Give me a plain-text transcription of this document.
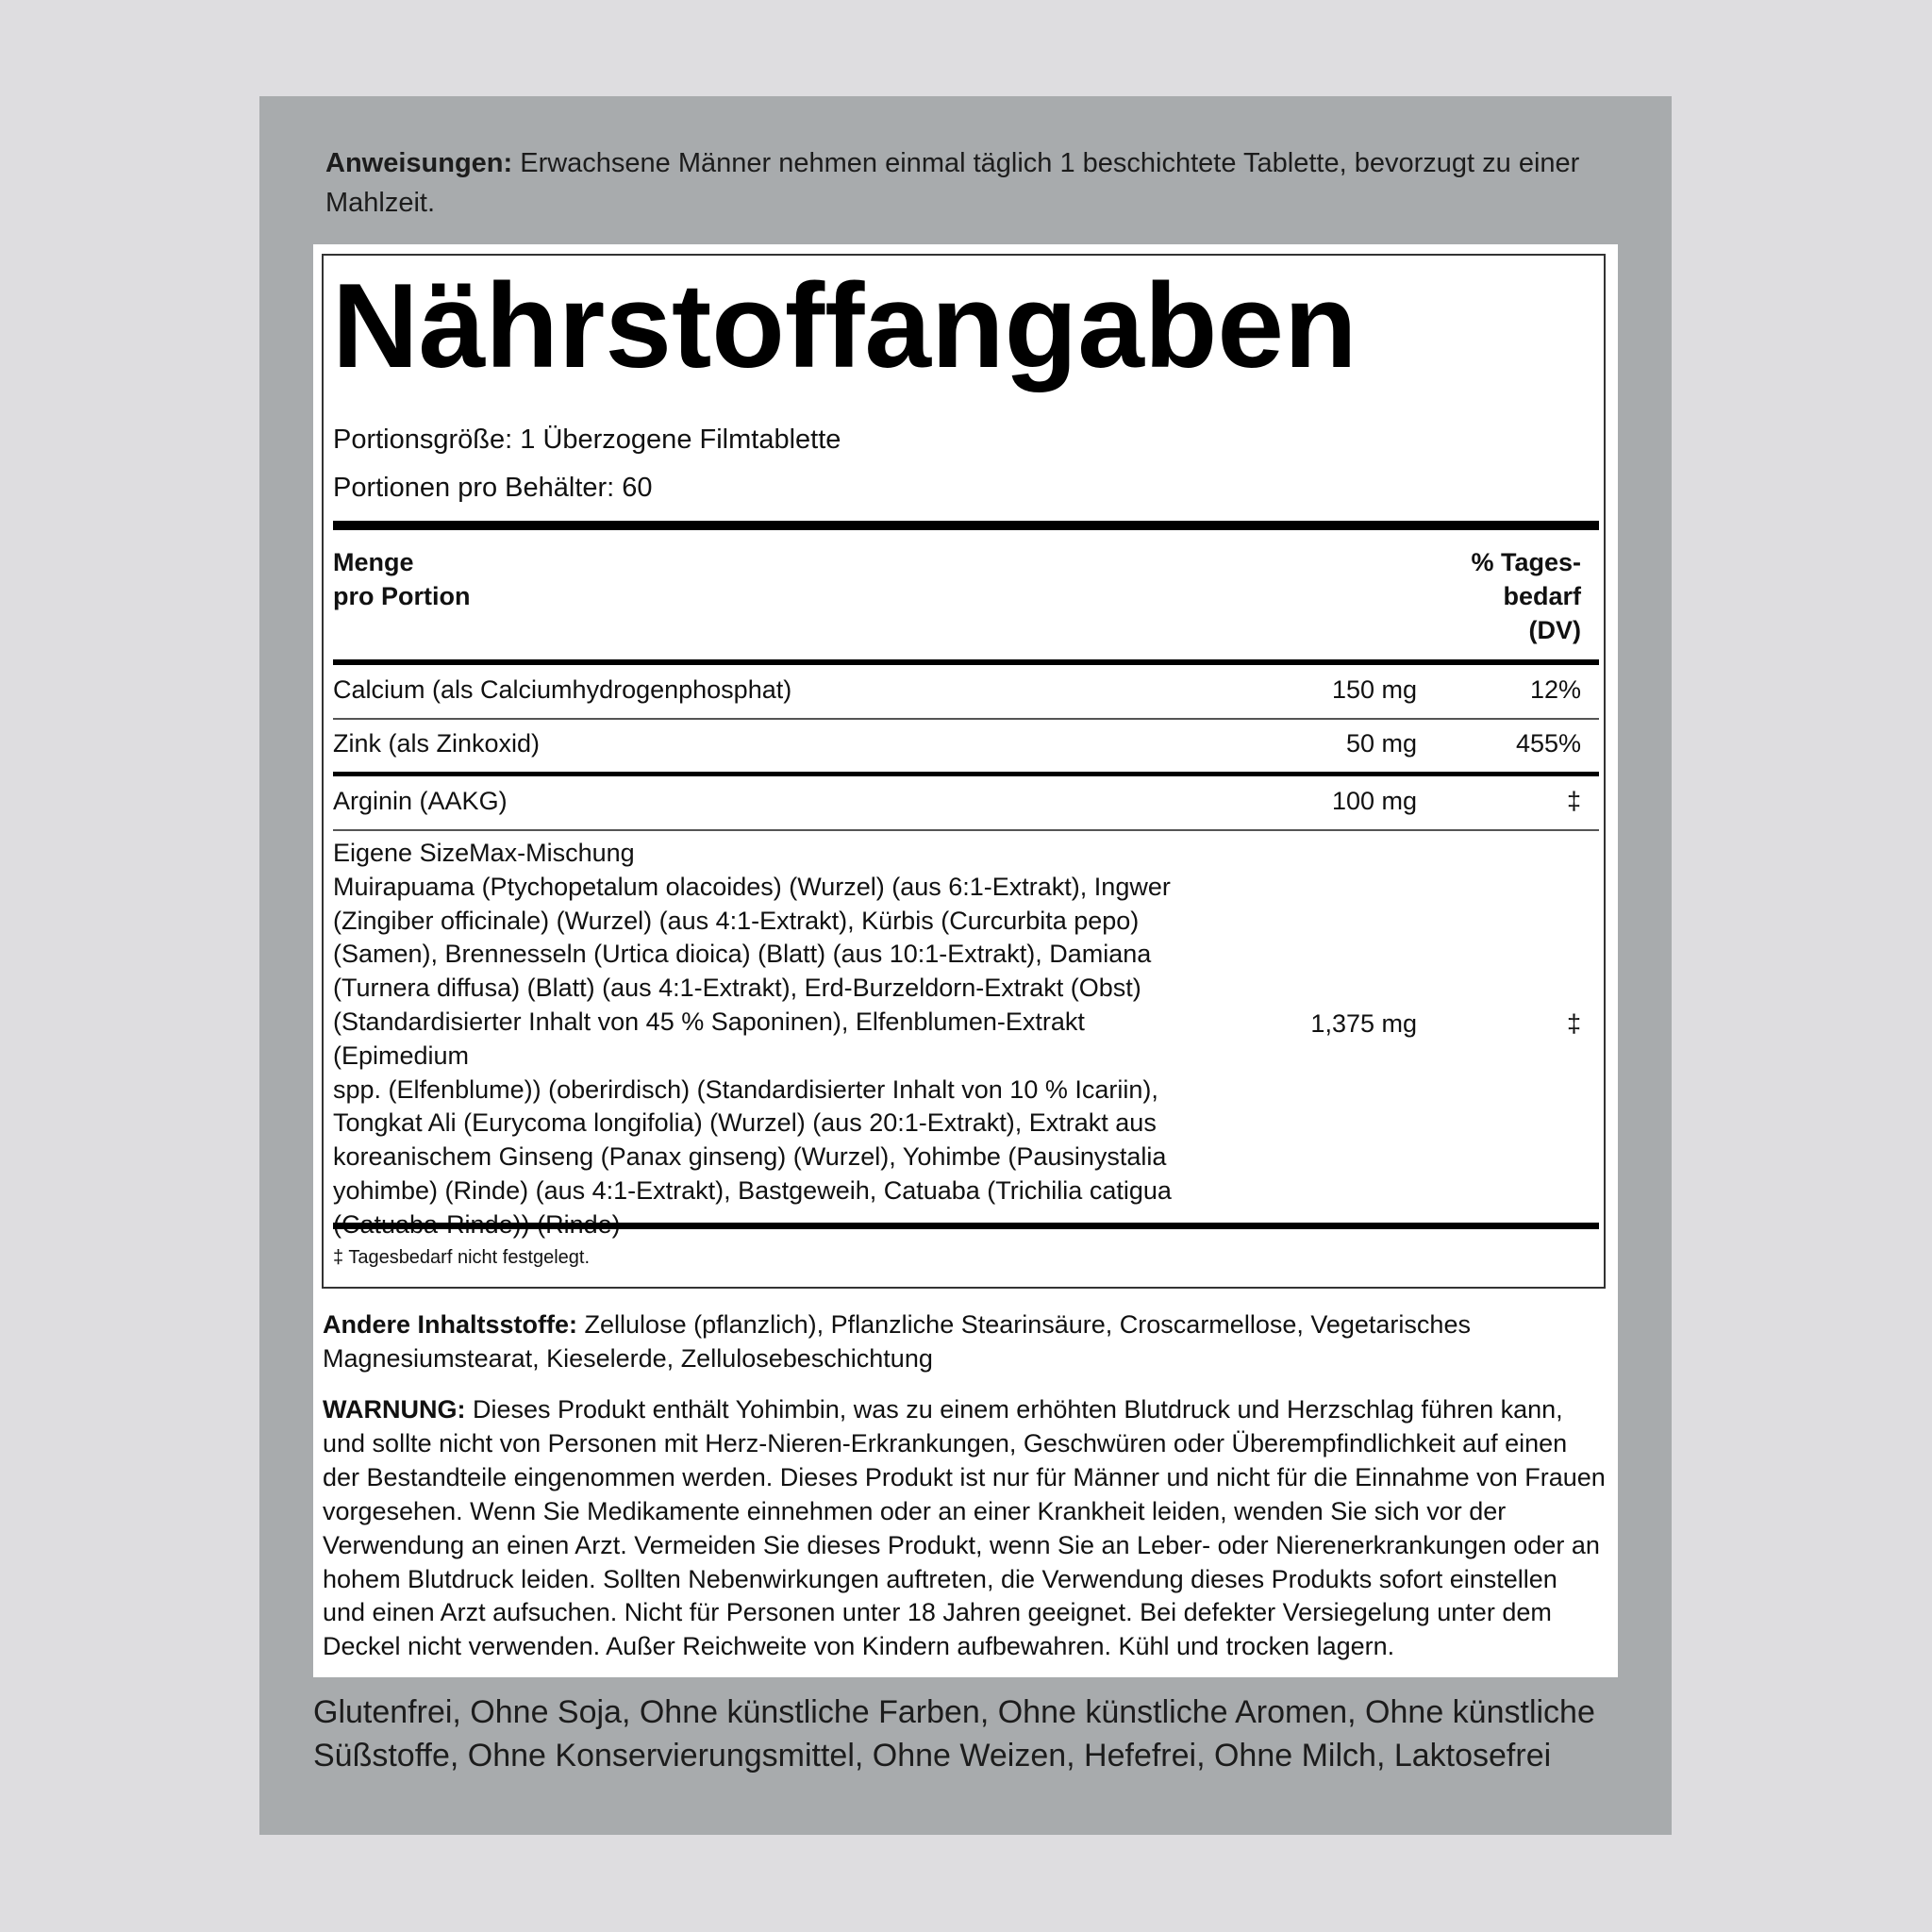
Anweisungen: Erwachsene Männer nehmen einmal täglich 1 beschichtete Tablette, bevorzugt zu einer Mahlzeit.
Nährstoffangaben
Portionsgröße: 1 Überzogene Filmtablette
Portionen pro Behälter: 60
Menge
pro Portion
% Tages-
bedarf
(DV)
Calcium (als Calciumhydrogenphosphat)	150 mg	12%
Zink (als Zinkoxid)	50 mg	455%
Arginin (AAKG)	100 mg	‡
Eigene SizeMax-Mischung
Muirapuama (Ptychopetalum olacoides) (Wurzel) (aus 6:1-Extrakt), Ingwer
(Zingiber officinale) (Wurzel) (aus 4:1-Extrakt), Kürbis (Curcurbita pepo)
(Samen), Brennesseln (Urtica dioica) (Blatt) (aus 10:1-Extrakt), Damiana
(Turnera diffusa) (Blatt) (aus 4:1-Extrakt), Erd-Burzeldorn-Extrakt (Obst)
(Standardisierter Inhalt von 45 % Saponinen), Elfenblumen-Extrakt (Epimedium
spp. (Elfenblume)) (oberirdisch) (Standardisierter Inhalt von 10 % Icariin),
Tongkat Ali (Eurycoma longifolia) (Wurzel) (aus 20:1-Extrakt), Extrakt aus
koreanischem Ginseng (Panax ginseng) (Wurzel), Yohimbe (Pausinystalia
yohimbe) (Rinde) (aus 4:1-Extrakt), Bastgeweih, Catuaba (Trichilia catigua
1,375 mg	‡
‡ Tagesbedarf nicht festgelegt.
Andere Inhaltsstoffe: Zellulose (pflanzlich), Pflanzliche Stearinsäure, Croscarmellose, Vegetarisches Magnesiumstearat, Kieselerde, Zellulosebeschichtung
WARNUNG: Dieses Produkt enthält Yohimbin, was zu einem erhöhten Blutdruck und Herzschlag führen kann, und sollte nicht von Personen mit Herz-Nieren-Erkrankungen, Geschwüren oder Überempfindlichkeit auf einen der Bestandteile eingenommen werden. Dieses Produkt ist nur für Männer und nicht für die Einnahme von Frauen vorgesehen. Wenn Sie Medikamente einnehmen oder an einer Krankheit leiden, wenden Sie sich vor der Verwendung an einen Arzt. Vermeiden Sie dieses Produkt, wenn Sie an Leber- oder Nierenerkrankungen oder an hohem Blutdruck leiden. Sollten Nebenwirkungen auftreten, die Verwendung dieses Produkts sofort einstellen und einen Arzt aufsuchen. Nicht für Personen unter 18 Jahren geeignet. Bei defekter Versiegelung unter dem Deckel nicht verwenden. Außer Reichweite von Kindern aufbewahren. Kühl und trocken lagern.
Glutenfrei, Ohne Soja, Ohne künstliche Farben, Ohne künstliche Aromen, Ohne künstliche Süßstoffe, Ohne Konservierungsmittel, Ohne Weizen, Hefefrei, Ohne Milch, Laktosefrei
